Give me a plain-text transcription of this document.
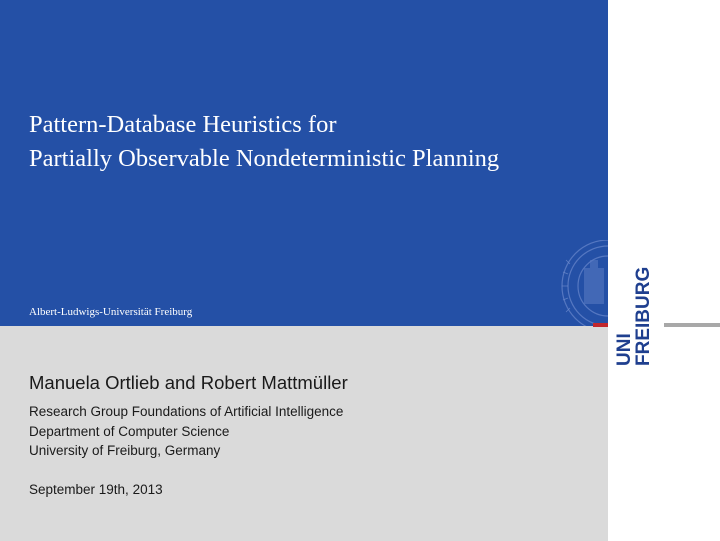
Pattern-Database Heuristics for
Partially Observable Nondeterministic Planning
Albert-Ludwigs-Universität Freiburg
Manuela Ortlieb and Robert Mattmüller
Research Group Foundations of Artificial Intelligence
Department of Computer Science
University of Freiburg, Germany
September 19th, 2013
UNI
FREIBURG
